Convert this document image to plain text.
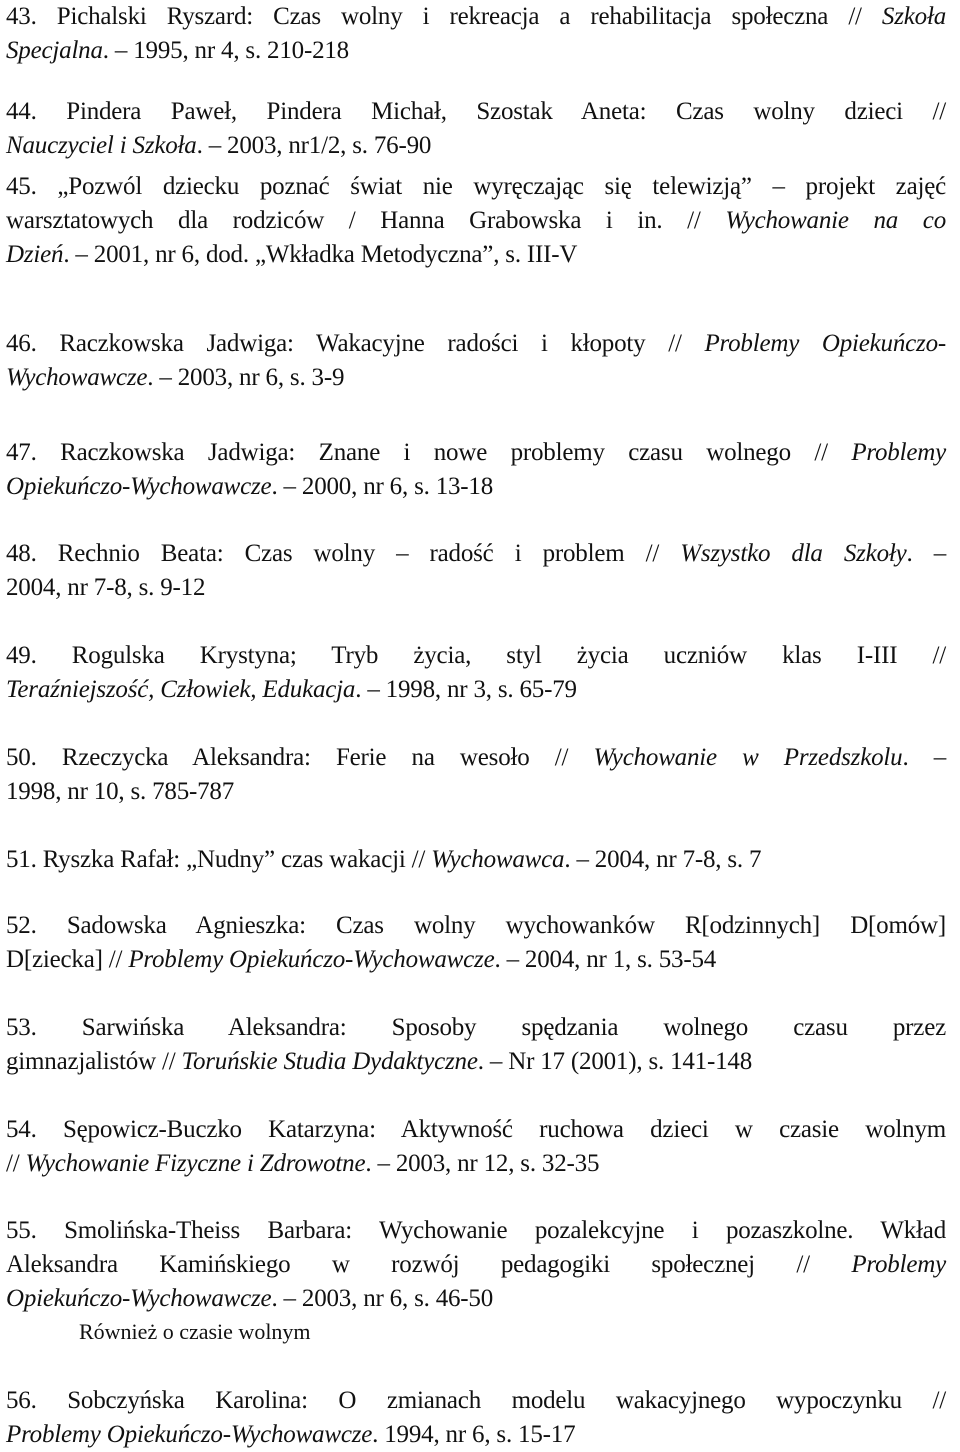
43. Pichalski Ryszard: Czas wolny i rekreacja a rehabilitacja społeczna // Szkoła
Specjalna. – 1995, nr 4, s. 210-218
44. Pindera Paweł, Pindera Michał, Szostak Aneta: Czas wolny dzieci //
Nauczyciel i Szkoła. – 2003, nr1/2, s. 76-90
45. „Pozwól dziecku poznać świat nie wyręczając się telewizją” – projekt zajęć
warsztatowych dla rodziców / Hanna Grabowska i in. // Wychowanie na co
Dzień. – 2001, nr 6, dod. „Wkładka Metodyczna”, s. III-V
46. Raczkowska Jadwiga: Wakacyjne radości i kłopoty // Problemy Opiekuńczo-
Wychowawcze. – 2003, nr 6, s. 3-9
47. Raczkowska Jadwiga: Znane i nowe problemy czasu wolnego // Problemy
Opiekuńczo-Wychowawcze. – 2000, nr 6, s. 13-18
48. Rechnio Beata: Czas wolny – radość i problem // Wszystko dla Szkoły. –
2004, nr 7-8, s. 9-12
49. Rogulska Krystyna; Tryb życia, styl życia uczniów klas I-III //
Teraźniejszość, Człowiek, Edukacja. – 1998, nr 3, s. 65-79
50. Rzeczycka Aleksandra: Ferie na wesoło // Wychowanie w Przedszkolu. –
1998, nr 10, s. 785-787
51. Ryszka Rafał: „Nudny” czas wakacji // Wychowawca. – 2004, nr 7-8, s. 7
52. Sadowska Agnieszka: Czas wolny wychowanków R[odzinnych] D[omów]
D[ziecka] // Problemy Opiekuńczo-Wychowawcze. – 2004, nr 1, s. 53-54
53. Sarwińska Aleksandra: Sposoby spędzania wolnego czasu przez
gimnazjalistów // Toruńskie Studia Dydaktyczne. – Nr 17 (2001), s. 141-148
54. Sępowicz-Buczko Katarzyna: Aktywność ruchowa dzieci w czasie wolnym
// Wychowanie Fizyczne i Zdrowotne. – 2003, nr 12, s. 32-35
55. Smolińska-Theiss Barbara: Wychowanie pozalekcyjne i pozaszkolne. Wkład
Aleksandra Kamińskiego w rozwój pedagogiki społecznej // Problemy
Opiekuńczo-Wychowawcze. – 2003, nr 6, s. 46-50
Również o czasie wolnym
56. Sobczyńska Karolina: O zmianach modelu wakacyjnego wypoczynku //
Problemy Opiekuńczo-Wychowawcze. 1994, nr 6, s. 15-17
